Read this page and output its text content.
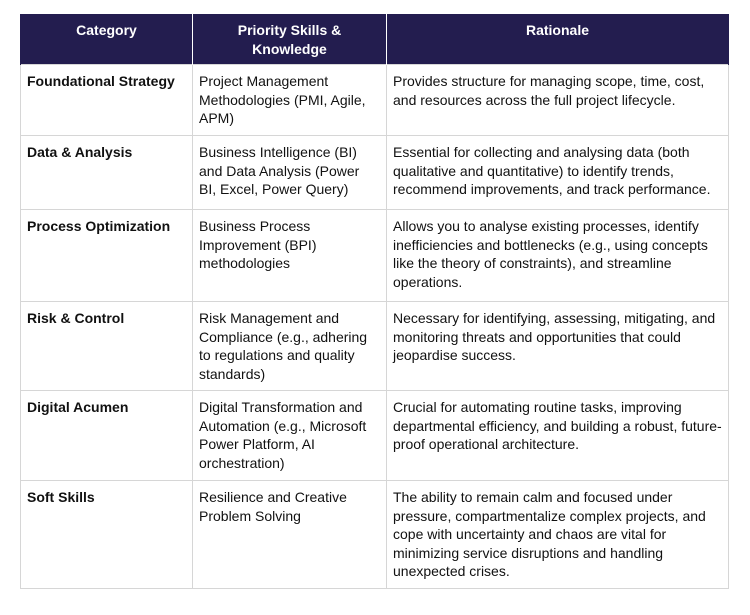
Category	Priority Skills & Knowledge	Rationale
Foundational Strategy	Project Management Methodologies (PMI, Agile, APM)	Provides structure for managing scope, time, cost, and resources across the full project lifecycle.
Data & Analysis	Business Intelligence (BI) and Data Analysis (Power BI, Excel, Power Query)	Essential for collecting and analysing data (both qualitative and quantitative) to identify trends, recommend improvements, and track performance.
Process Optimization	Business Process Improvement (BPI) methodologies	Allows you to analyse existing processes, identify inefficiencies and bottlenecks (e.g., using concepts like the theory of constraints), and streamline operations.
Risk & Control	Risk Management and Compliance (e.g., adhering to regulations and quality standards)	Necessary for identifying, assessing, mitigating, and monitoring threats and opportunities that could jeopardise success.
Digital Acumen	Digital Transformation and Automation (e.g., Microsoft Power Platform, AI orchestration)	Crucial for automating routine tasks, improving departmental efficiency, and building a robust, future-proof operational architecture.
Soft Skills	Resilience and Creative Problem Solving	The ability to remain calm and focused under pressure, compartmentalize complex projects, and cope with uncertainty and chaos are vital for minimizing service disruptions and handling unexpected crises.
